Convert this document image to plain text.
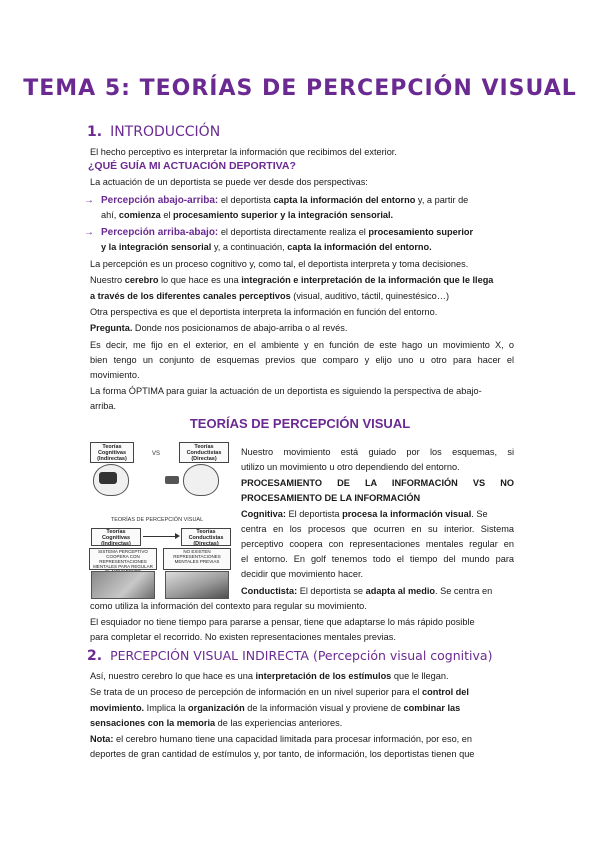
TEMA 5: TEORÍAS DE PERCEPCIÓN VISUAL
1. INTRODUCCIÓN
El hecho perceptivo es interpretar la información que recibimos del exterior.
¿QUÉ GUÍA MI ACTUACIÓN DEPORTIVA?
La actuación de un deportista se puede ver desde dos perspectivas:
→ Percepción abajo-arriba: el deportista capta la información del entorno y, a partir de
ahí, comienza el procesamiento superior y la integración sensorial.
→ Percepción arriba-abajo: el deportista directamente realiza el procesamiento superior
y la integración sensorial y, a continuación, capta la información del entorno.
La percepción es un proceso cognitivo y, como tal, el deportista interpreta y toma decisiones.
Nuestro cerebro lo que hace es una integración e interpretación de la información que le llega
a través de los diferentes canales perceptivos (visual, auditivo, táctil, quinestésico…)
Otra perspectiva es que el deportista interpreta la información en función del entorno.
Pregunta. Donde nos posicionamos de abajo-arriba o al revés.
Es decir, me fijo en el exterior, en el ambiente y en función de este hago un movimiento X, o
bien tengo un conjunto de esquemas previos que comparo y elijo uno u otro para hacer el
movimiento.
La forma ÓPTIMA para guiar la actuación de un deportista es siguiendo la perspectiva de abajo-
arriba.
TEORÍAS DE PERCEPCIÓN VISUAL
Teorías Cognitivas (Indirectas)
VS
Teorías Conductistas (Directas)
TEORÍAS DE PERCEPCIÓN VISUAL
Teorías Cognitivas (Indirectas)
Teorías Conductistas (Directas)
SISTEMA PERCEPTIVO COOPERA CON REPRESENTACIONES MENTALES PARA REGULAR
NO EXISTEN REPRESENTACIONES MENTALES PREVIAS
Nuestro movimiento está guiado por los esquemas, si
utilizo un movimiento u otro dependiendo del entorno.
PROCESAMIENTO DE LA INFORMACIÓN VS NO
PROCESAMIENTO DE LA INFORMACIÓN
Cognitiva: El deportista procesa la información visual. Se
centra en los procesos que ocurren en su interior. Sistema
perceptivo coopera con representaciones mentales regular en
el entorno. En golf tenemos todo el tiempo del mundo para
decidir que movimiento hacer.
Conductista: El deportista se adapta al medio. Se centra en
como utiliza la información del contexto para regular su movimiento.
El esquiador no tiene tiempo para pararse a pensar, tiene que adaptarse lo más rápido posible
para completar el recorrido. No existen representaciones mentales previas.
2. PERCEPCIÓN VISUAL INDIRECTA (Percepción visual cognitiva)
Así, nuestro cerebro lo que hace es una interpretación de los estímulos que le llegan.
Se trata de un proceso de percepción de información en un nivel superior para el control del
movimiento. Implica la organización de la información visual y proviene de combinar las
sensaciones con la memoria de las experiencias anteriores.
Nota: el cerebro humano tiene una capacidad limitada para procesar información, por eso, en
deportes de gran cantidad de estímulos y, por tanto, de información, los deportistas tienen que
